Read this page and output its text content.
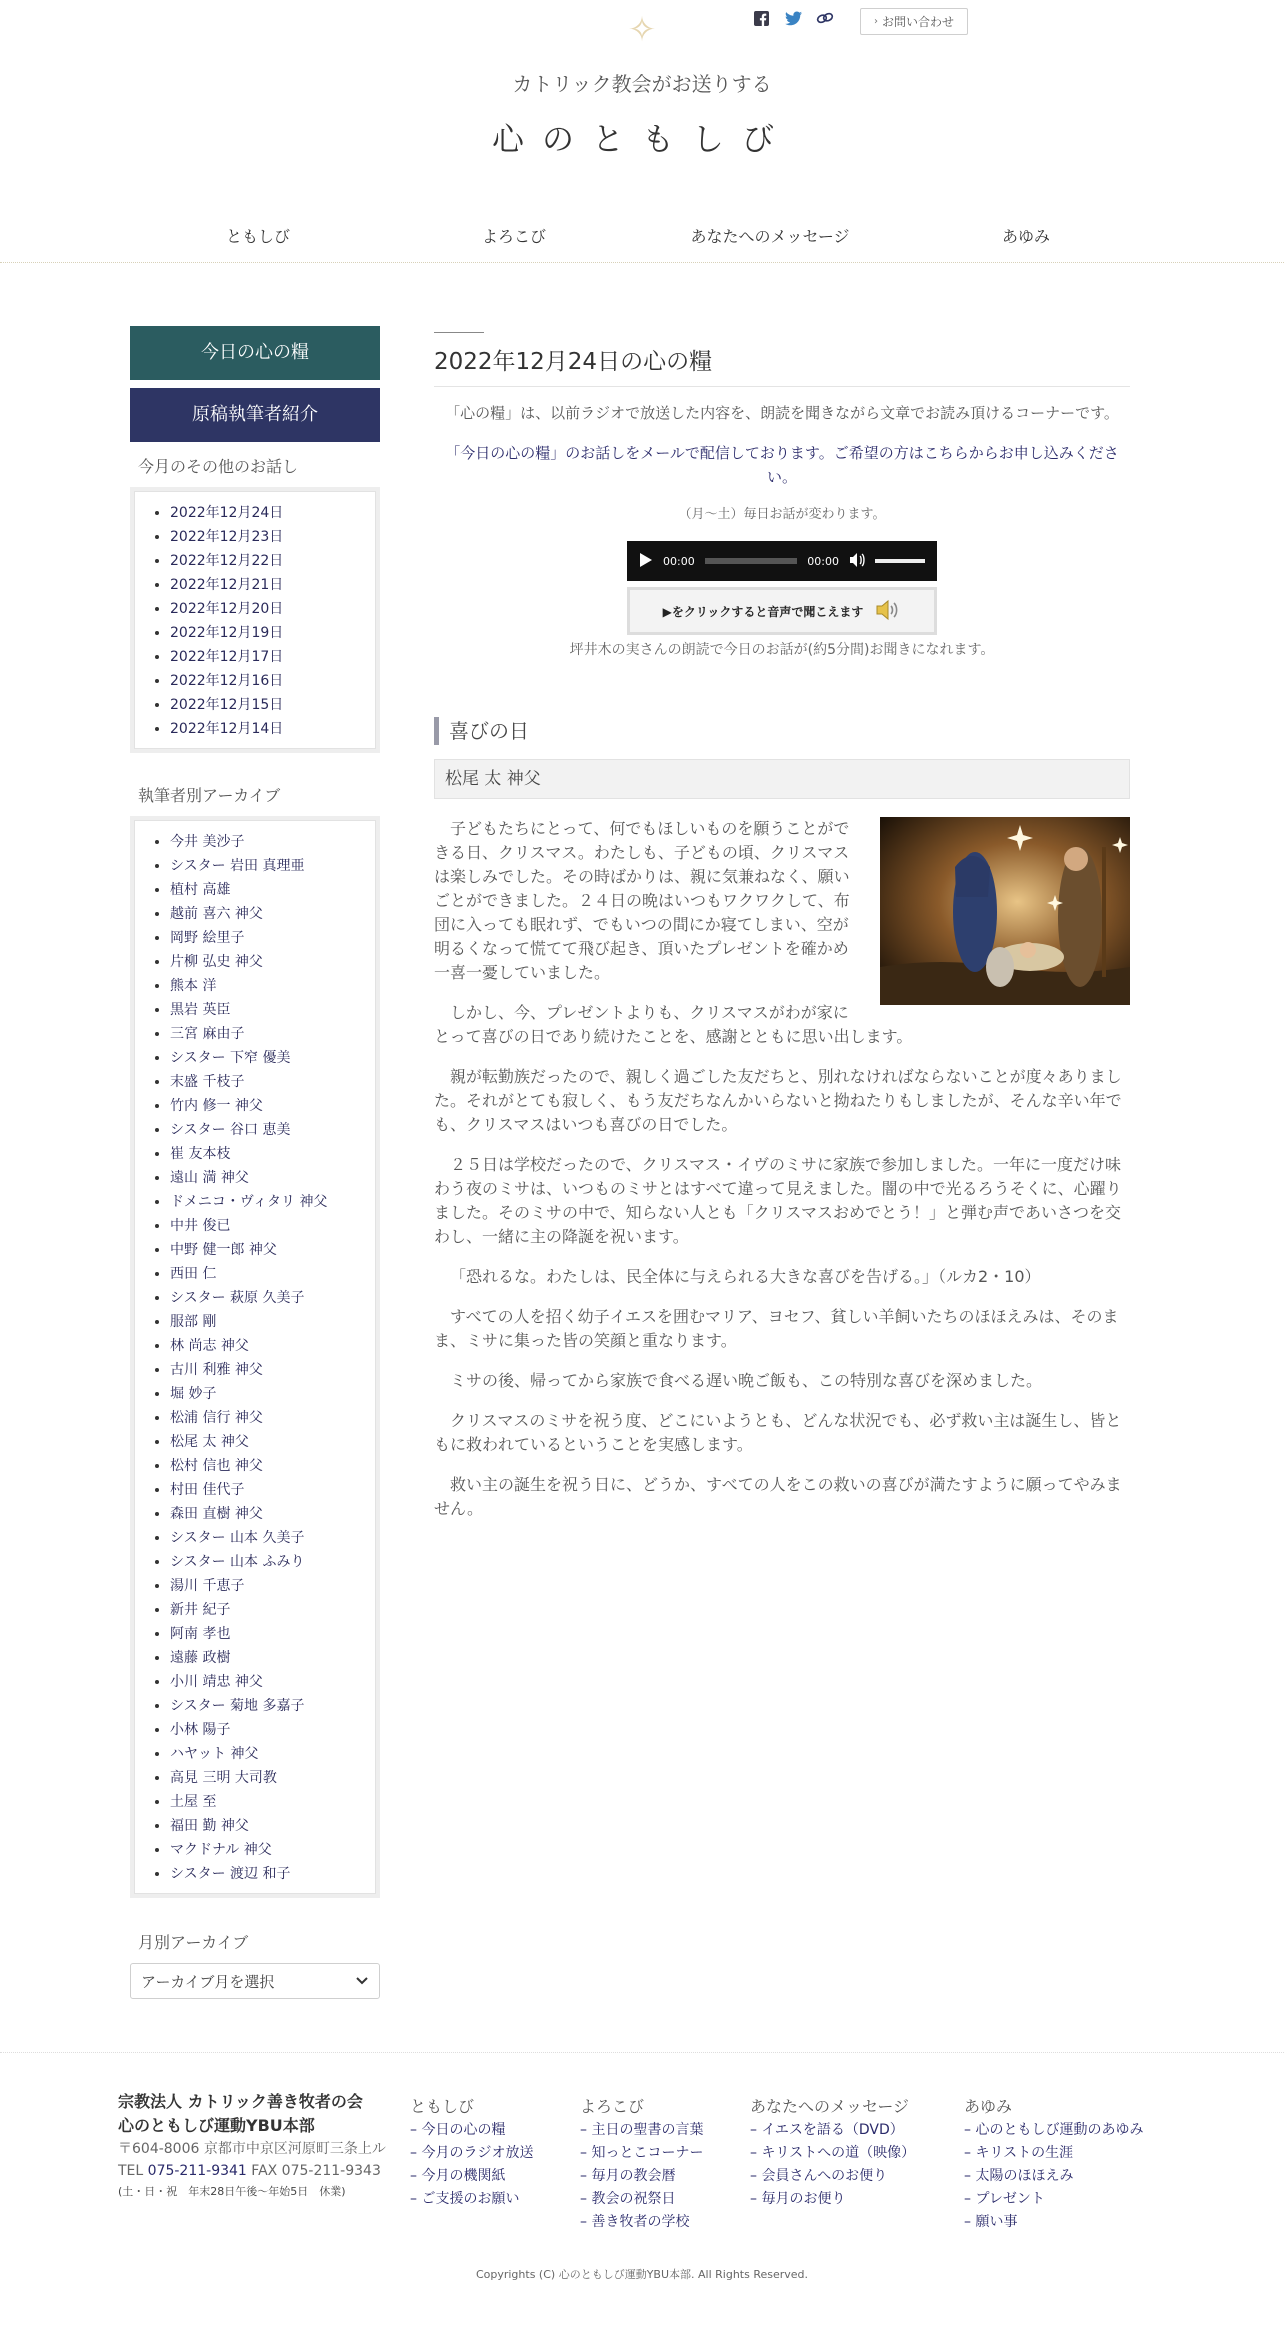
✧	› お問い合わせ
カトリック教会がお送りする
心のともしび
ともしび	よろこび	あなたへのメッセージ	あゆみ
今日の心の糧
原稿執筆者紹介
今月のその他のお話し
• 2022年12月24日
• 2022年12月23日
• 2022年12月22日
• 2022年12月21日
• 2022年12月20日
• 2022年12月19日
• 2022年12月17日
• 2022年12月16日
• 2022年12月15日
• 2022年12月14日
執筆者別アーカイブ
• 今井 美沙子
• シスター 岩田 真理亜
• 植村 高雄
• 越前 喜六 神父
• 岡野 絵里子
• 片柳 弘史 神父
• 熊本 洋
• 黒岩 英臣
• 三宮 麻由子
• シスター 下窄 優美
• 末盛 千枝子
• 竹内 修一 神父
• シスター 谷口 恵美
• 崔 友本枝
• 遠山 満 神父
• ドメニコ・ヴィタリ 神父
• 中井 俊已
• 中野 健一郎 神父
• 西田 仁
• シスター 萩原 久美子
• 服部 剛
• 林 尚志 神父
• 古川 利雅 神父
• 堀 妙子
• 松浦 信行 神父
• 松尾 太 神父
• 松村 信也 神父
• 村田 佳代子
• 森田 直樹 神父
• シスター 山本 久美子
• シスター 山本 ふみり
• 湯川 千恵子
• 新井 紀子
• 阿南 孝也
• 遠藤 政樹
• 小川 靖忠 神父
• シスター 菊地 多嘉子
• 小林 陽子
• ハヤット 神父
• 高見 三明 大司教
• 土屋 至
• 福田 勤 神父
• マクドナル 神父
• シスター 渡辺 和子
月別アーカイブ
アーカイブ月を選択
2022年12月24日の心の糧

「心の糧」は、以前ラジオで放送した内容を、朗読を聞きながら文章でお読み頂けるコーナーです。

「今日の心の糧」のお話しをメールで配信しております。ご希望の方はこちらからお申し込みください。

（月～土）毎日お話が変わります。

00:00	00:00
▶をクリックすると音声で聞こえます

坪井木の実さんの朗読で今日のお話が(約5分間)お聞きになれます。

喜びの日
松尾 太 神父

子どもたちにとって、何でもほしいものを願うことができる日、クリスマス。わたしも、子どもの頃、クリスマスは楽しみでした。その時ばかりは、親に気兼ねなく、願いごとができました。２４日の晩はいつもワクワクして、布団に入っても眠れず、でもいつの間にか寝てしまい、空が明るくなって慌てて飛び起き、頂いたプレゼントを確かめ一喜一憂していました。

しかし、今、プレゼントよりも、クリスマスがわが家にとって喜びの日であり続けたことを、感謝とともに思い出します。

親が転勤族だったので、親しく過ごした友だちと、別れなければならないことが度々ありました。それがとても寂しく、もう友だちなんかいらないと拗ねたりもしましたが、そんな辛い年でも、クリスマスはいつも喜びの日でした。

２５日は学校だったので、クリスマス・イヴのミサに家族で参加しました。一年に一度だけ味わう夜のミサは、いつものミサとはすべて違って見えました。闇の中で光るろうそくに、心躍りました。そのミサの中で、知らない人とも「クリスマスおめでとう！」と弾む声であいさつを交わし、一緒に主の降誕を祝います。

「恐れるな。わたしは、民全体に与えられる大きな喜びを告げる。」（ルカ2・10）

すべての人を招く幼子イエスを囲むマリア、ヨセフ、貧しい羊飼いたちのほほえみは、そのまま、ミサに集った皆の笑顔と重なります。

ミサの後、帰ってから家族で食べる遅い晩ご飯も、この特別な喜びを深めました。

クリスマスのミサを祝う度、どこにいようとも、どんな状況でも、必ず救い主は誕生し、皆ともに救われているということを実感します。

救い主の誕生を祝う日に、どうか、すべての人をこの救いの喜びが満たすように願ってやみません。

宗教法人 カトリック善き牧者の会
心のともしび運動YBU本部
〒604-8006 京都市中京区河原町三条上ル
TEL 075-211-9341 FAX 075-211-9343
(土・日・祝　年末28日午後〜年始5日　休業)
ともしび
– 今日の心の糧
– 今月のラジオ放送
– 今月の機関紙
– ご支援のお願い
よろこび
– 主日の聖書の言葉
– 知っとこコーナー
– 毎月の教会暦
– 教会の祝祭日
– 善き牧者の学校
あなたへのメッセージ
– イエスを語る（DVD）
– キリストへの道（映像）
– 会員さんへのお便り
– 毎月のお便り
あゆみ
– 心のともしび運動のあゆみ
– キリストの生涯
– 太陽のほほえみ
– プレゼント
– 願い事
Copyrights (C) 心のともしび運動YBU本部. All Rights Reserved.
